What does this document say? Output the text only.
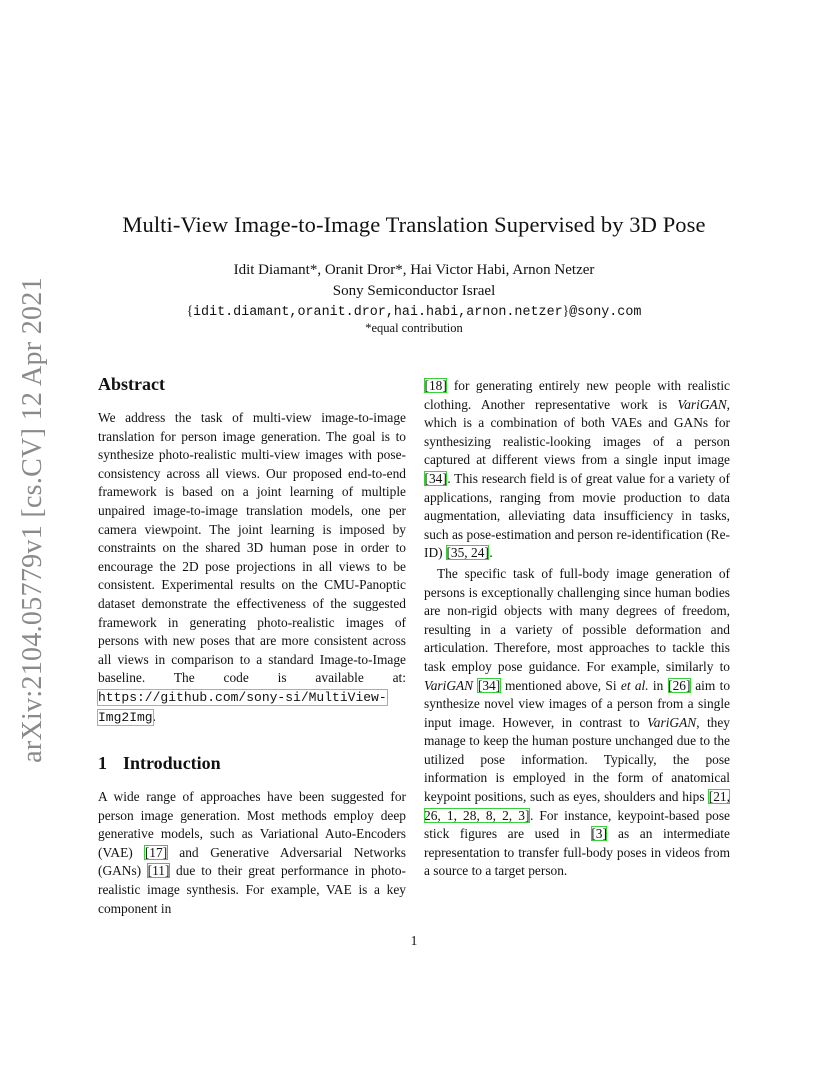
arXiv:2104.05779v1 [cs.CV] 12 Apr 2021
Multi-View Image-to-Image Translation Supervised by 3D Pose
Idit Diamant*, Oranit Dror*, Hai Victor Habi, Arnon Netzer
Sony Semiconductor Israel
{idit.diamant,oranit.dror,hai.habi,arnon.netzer}@sony.com
*equal contribution
Abstract

We address the task of multi-view image-to-image translation for person image generation. The goal is to synthesize photo-realistic multi-view images with pose-consistency across all views. Our proposed end-to-end framework is based on a joint learning of multiple unpaired image-to-image translation models, one per camera viewpoint. The joint learning is imposed by constraints on the shared 3D human pose in order to encourage the 2D pose projections in all views to be consistent. Experimental results on the CMU-Panoptic dataset demonstrate the effectiveness of the suggested framework in generating photo-realistic images of persons with new poses that are more consistent across all views in comparison to a standard Image-to-Image baseline. The code is available at: https://github.com/sony-si/MultiView-Img2Img.

1 Introduction

A wide range of approaches have been suggested for person image generation. Most methods employ deep generative models, such as Variational Auto-Encoders (VAE) [17] and Generative Adversarial Networks (GANs) [11] due to their great performance in photo-realistic image synthesis. For example, VAE is a key component in

[18] for generating entirely new people with realistic clothing. Another representative work is VariGAN, which is a combination of both VAEs and GANs for synthesizing realistic-looking images of a person captured at different views from a single input image [34]. This research field is of great value for a variety of applications, ranging from movie production to data augmentation, alleviating data insufficiency in tasks, such as pose-estimation and person re-identification (Re-ID) [35, 24].

The specific task of full-body image generation of persons is exceptionally challenging since human bodies are non-rigid objects with many degrees of freedom, resulting in a variety of possible deformation and articulation. Therefore, most approaches to tackle this task employ pose guidance. For example, similarly to VariGAN [34] mentioned above, Si et al. in [26] aim to synthesize novel view images of a person from a single input image. However, in contrast to VariGAN, they manage to keep the human posture unchanged due to the utilized pose information. Typically, the pose information is employed in the form of anatomical keypoint positions, such as eyes, shoulders and hips [21, 26, 1, 28, 8, 2, 3]. For instance, keypoint-based pose stick figures are used in [3] as an intermediate representation to transfer full-body poses in videos from a source to a target person.

1
